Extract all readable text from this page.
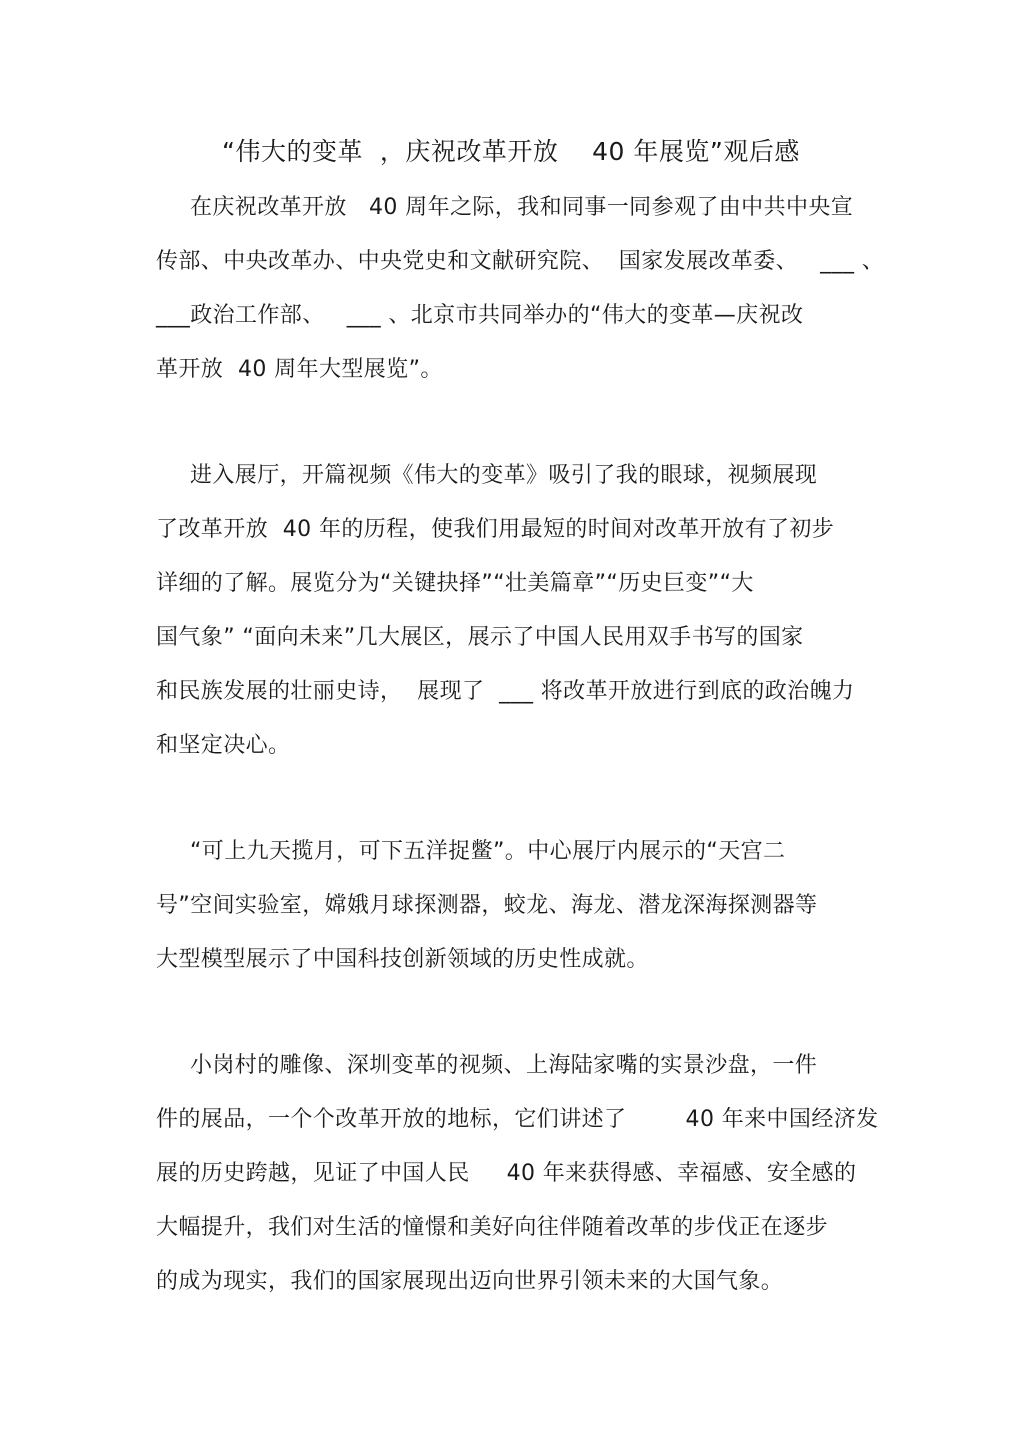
“伟大的变革  ，庆祝改革开放    40 年展览”观后感
在庆祝改革开放   40 周年之际，我和同事一同参观了由中共中央宣
传部、中央改革办、中央党史和文献研究院、  国家发展改革委、   ___ 、
___政治工作部、   ___ 、北京市共同举办的“伟大的变革—庆祝改
革开放  40 周年大型展览”。
进入展厅，开篇视频《伟大的变革》吸引了我的眼球，视频展现
了改革开放  40 年的历程，使我们用最短的时间对改革开放有了初步
详细的了解。展览分为“关键抉择”“壮美篇章”“历史巨变”“大
国气象” “面向未来”几大展区，展示了中国人民用双手书写的国家
和民族发展的壮丽史诗，  展现了  ___ 将改革开放进行到底的政治魄力
和坚定决心。
“可上九天揽月，可下五洋捉鳖”。中心展厅内展示的“天宫二
号”空间实验室，嫦娥月球探测器，蛟龙、海龙、潜龙深海探测器等
大型模型展示了中国科技创新领域的历史性成就。
小岗村的雕像、深圳变革的视频、上海陆家嘴的实景沙盘，一件
件的展品，一个个改革开放的地标，它们讲述了        40 年来中国经济发
展的历史跨越，见证了中国人民     40 年来获得感、幸福感、安全感的
大幅提升，我们对生活的憧憬和美好向往伴随着改革的步伐正在逐步
的成为现实，我们的国家展现出迈向世界引领未来的大国气象。
